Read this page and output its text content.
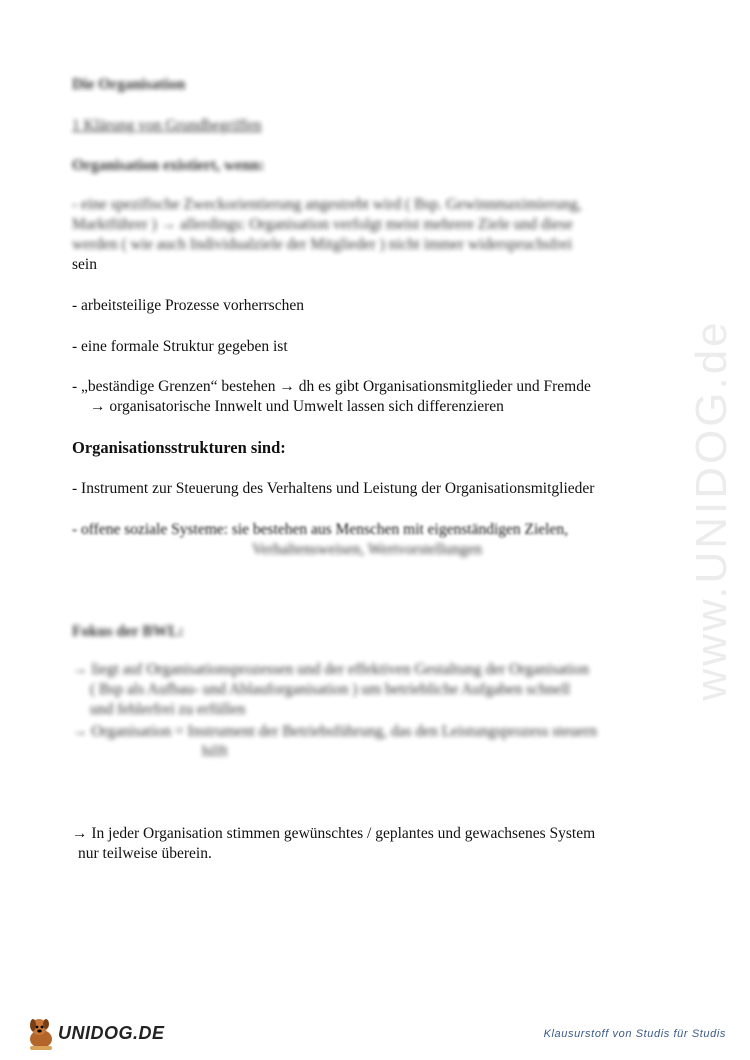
www.UNIDOG.de
Die Organisation
1 Klärung von Grundbegriffen
Organisation existiert, wenn:
- eine spezifische Zweckorientierung angestrebt wird ( Bsp. Gewinnmaximierung,
Marktführer ) → allerdings: Organisation verfolgt meist mehrere Ziele und diese
werden ( wie auch Individualziele der Mitglieder ) nicht immer widerspruchsfrei
sein
- arbeitsteilige Prozesse vorherrschen
- eine formale Struktur gegeben ist
- „beständige Grenzen“ bestehen → dh es gibt Organisationsmitglieder und Fremde
→ organisatorische Innwelt und Umwelt lassen sich differenzieren
Organisationsstrukturen sind:
- Instrument zur Steuerung des Verhaltens und Leistung der Organisationsmitglieder
- offene soziale Systeme: sie bestehen aus Menschen mit eigenständigen Zielen,
Verhaltensweisen, Wertvorstellungen
Fokus der BWL:
→ liegt auf Organisationsprozessen und der effektiven Gestaltung der Organisation
( Bsp als Aufbau- und Ablauforganisation ) um betriebliche Aufgaben schnell
und fehlerfrei zu erfüllen
→ Organisation = Instrument der Betriebsführung, das den Leistungsprozess steuern
hilft
→ In jeder Organisation stimmen gewünschtes / geplantes und gewachsenes System
nur teilweise überein.
UNIDOG.DE	Klausurstoff von Studis für Studis
